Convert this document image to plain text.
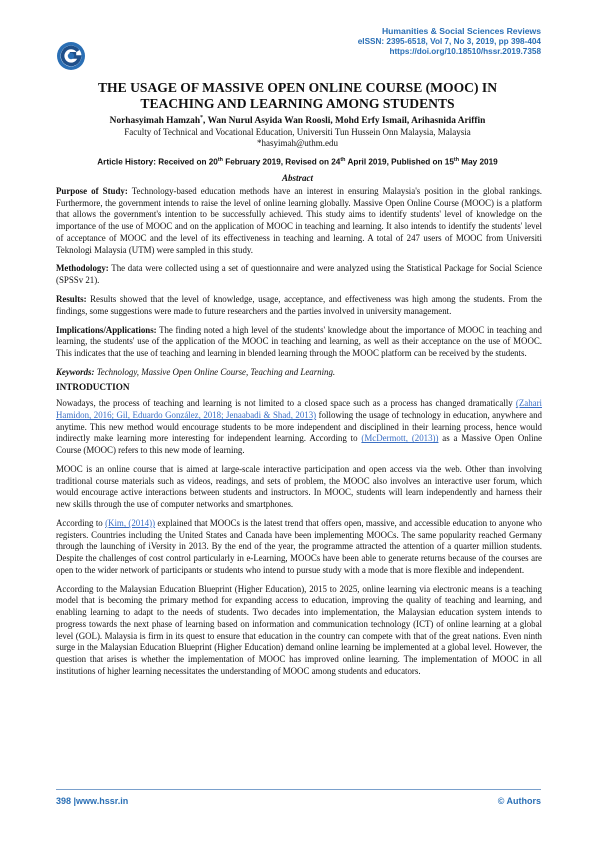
Humanities & Social Sciences Reviews
eISSN: 2395-6518, Vol 7, No 3, 2019, pp 398-404
https://doi.org/10.18510/hssr.2019.7358
THE USAGE OF MASSIVE OPEN ONLINE COURSE (MOOC) IN
TEACHING AND LEARNING AMONG STUDENTS
Norhasyimah Hamzah*, Wan Nurul Asyida Wan Roosli, Mohd Erfy Ismail, Arihasnida Ariffin
Faculty of Technical and Vocational Education, Universiti Tun Hussein Onn Malaysia, Malaysia
*hasyimah@uthm.edu
Article History: Received on 20th February 2019, Revised on 24th April 2019, Published on 15th May 2019
Abstract

Purpose of Study: Technology-based education methods have an interest in ensuring Malaysia's position in the global rankings. Furthermore, the government intends to raise the level of online learning globally. Massive Open Online Course (MOOC) is a platform that allows the government's intention to be successfully achieved. This study aims to identify students' level of knowledge on the importance of the use of MOOC and on the application of MOOC in teaching and learning. It also intends to identify the students' level of acceptance of MOOC and the level of its effectiveness in teaching and learning. A total of 247 users of MOOC from Universiti Teknologi Malaysia (UTM) were sampled in this study.

Methodology: The data were collected using a set of questionnaire and were analyzed using the Statistical Package for Social Science (SPSSv 21).

Results: Results showed that the level of knowledge, usage, acceptance, and effectiveness was high among the students. From the findings, some suggestions were made to future researchers and the parties involved in university management.

Implications/Applications: The finding noted a high level of the students' knowledge about the importance of MOOC in teaching and learning, the students' use of the application of the MOOC in teaching and learning, as well as their acceptance on the use of MOOC. This indicates that the use of teaching and learning in blended learning through the MOOC platform can be received by the students.

Keywords: Technology, Massive Open Online Course, Teaching and Learning.

INTRODUCTION

Nowadays, the process of teaching and learning is not limited to a closed space such as a process has changed dramatically (Zahari Hamidon, 2016; Gil, Eduardo González, 2018; Jenaabadi & Shad, 2013) following the usage of technology in education, anywhere and anytime. This new method would encourage students to be more independent and disciplined in their learning process, hence would indirectly make learning more interesting for independent learning. According to (McDermott, (2013)) as a Massive Open Online Course (MOOC) refers to this new mode of learning.

MOOC is an online course that is aimed at large-scale interactive participation and open access via the web. Other than involving traditional course materials such as videos, readings, and sets of problem, the MOOC also involves an interactive user forum, which would encourage active interactions between students and instructors. In MOOC, students will learn independently and harness their new skills through the use of computer networks and smartphones.

According to (Kim, (2014)) explained that MOOCs is the latest trend that offers open, massive, and accessible education to anyone who registers. Countries including the United States and Canada have been implementing MOOCs. The same popularity reached Germany through the launching of iVersity in 2013. By the end of the year, the programme attracted the attention of a quarter million students. Despite the challenges of cost control particularly in e-Learning, MOOCs have been able to generate returns because of the courses are open to the wider network of participants or students who intend to pursue study with a mode that is more flexible and independent.

According to the Malaysian Education Blueprint (Higher Education), 2015 to 2025, online learning via electronic means is a teaching model that is becoming the primary method for expanding access to education, improving the quality of teaching and learning, and enabling learning to adapt to the needs of students. Two decades into implementation, the Malaysian education system intends to progress towards the next phase of learning based on information and communication technology (ICT) of online learning at a global level (GOL). Malaysia is firm in its quest to ensure that education in the country can compete with that of the great nations. Even ninth surge in the Malaysian Education Blueprint (Higher Education) demand online learning be implemented at a global level. However, the question that arises is whether the implementation of MOOC has improved online learning. The implementation of MOOC in all institutions of higher learning necessitates the understanding of MOOC among students and educators.

398 |www.hssr.in	© Authors
